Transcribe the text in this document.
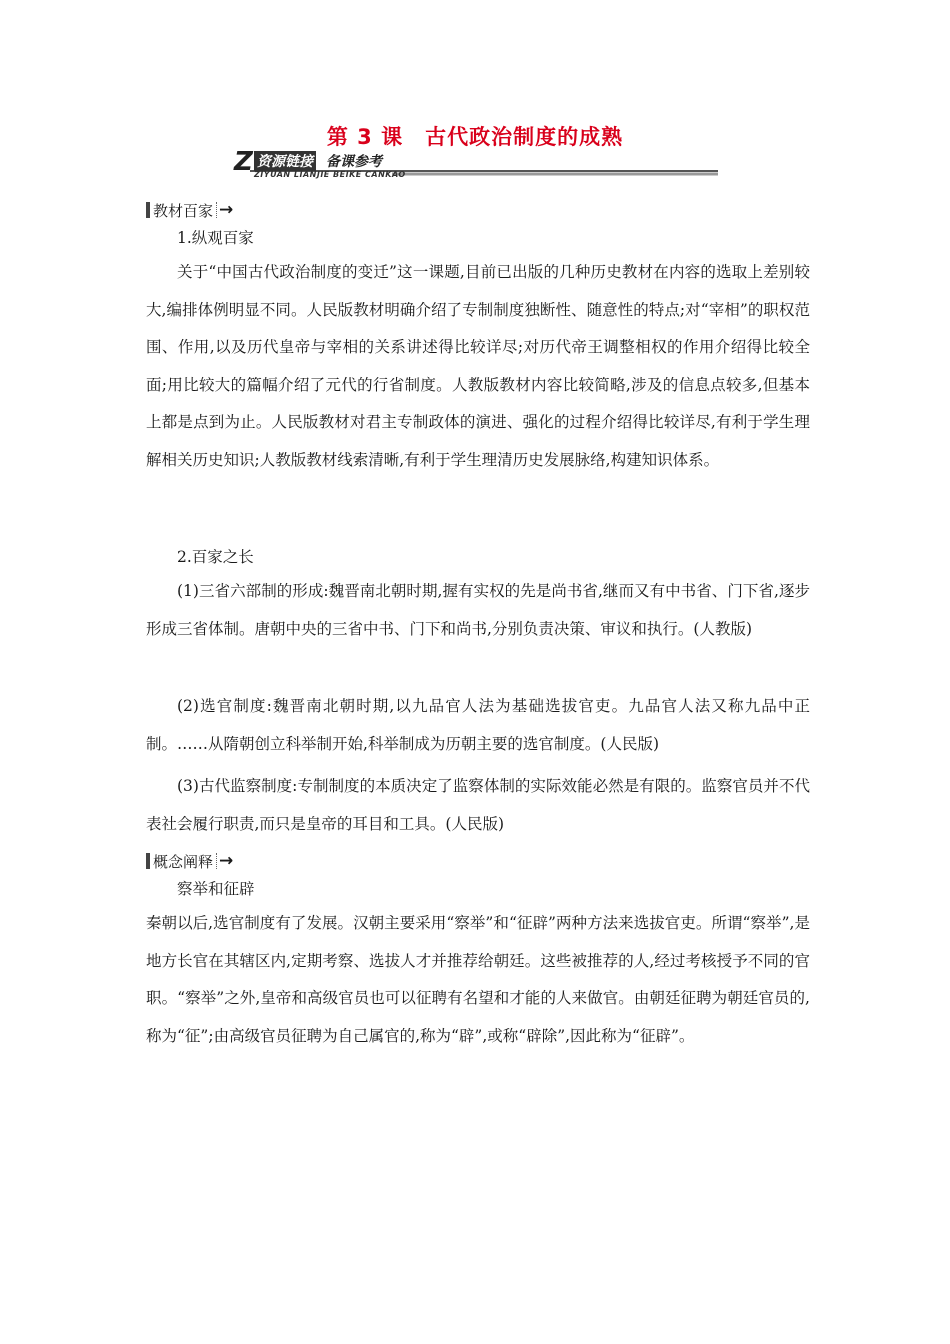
第 3 课　古代政治制度的成熟
Z 资源链接 备课参考
ZIYUAN LIANJIE BEIKE CANKAO
教材百家 →
1.纵观百家

关于“中国古代政治制度的变迁”这一课题,目前已出版的几种历史教材在内容的选取上差别较大,编排体例明显不同。人民版教材明确介绍了专制制度独断性、随意性的特点;对“宰相”的职权范围、作用,以及历代皇帝与宰相的关系讲述得比较详尽;对历代帝王调整相权的作用介绍得比较全面;用比较大的篇幅介绍了元代的行省制度。人教版教材内容比较简略,涉及的信息点较多,但基本上都是点到为止。人民版教材对君主专制政体的演进、强化的过程介绍得比较详尽,有利于学生理解相关历史知识;人教版教材线索清晰,有利于学生理清历史发展脉络,构建知识体系。

2.百家之长

(1)三省六部制的形成:魏晋南北朝时期,握有实权的先是尚书省,继而又有中书省、门下省,逐步形成三省体制。唐朝中央的三省中书、门下和尚书,分别负责决策、审议和执行。(人教版)

(2)选官制度:魏晋南北朝时期,以九品官人法为基础选拔官吏。九品官人法又称九品中正制。……从隋朝创立科举制开始,科举制成为历朝主要的选官制度。(人民版)

(3)古代监察制度:专制制度的本质决定了监察体制的实际效能必然是有限的。监察官员并不代表社会履行职责,而只是皇帝的耳目和工具。(人民版)

概念阐释 →
察举和征辟

秦朝以后,选官制度有了发展。汉朝主要采用“察举”和“征辟”两种方法来选拔官吏。所谓“察举”,是地方长官在其辖区内,定期考察、选拔人才并推荐给朝廷。这些被推荐的人,经过考核授予不同的官职。“察举”之外,皇帝和高级官员也可以征聘有名望和才能的人来做官。由朝廷征聘为朝廷官员的,称为“征”;由高级官员征聘为自己属官的,称为“辟”,或称“辟除”,因此称为“征辟”。
